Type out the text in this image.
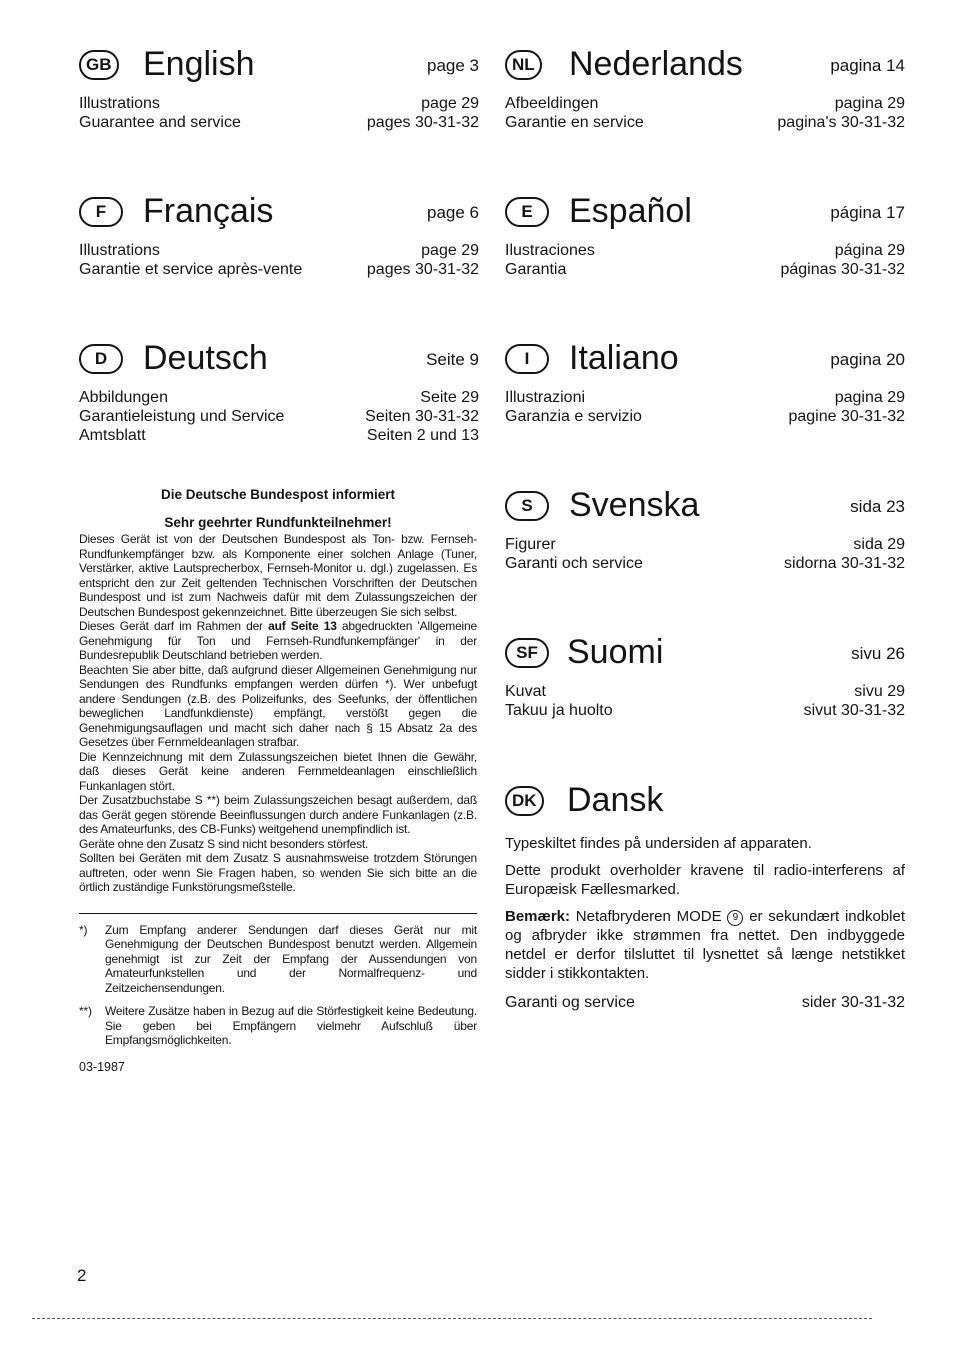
GB English	page 3
Illustrations	page 29
Guarantee and service	pages 30-31-32
F	Français	page 6
Illustrations	page 29
Garantie et service après-vente	pages 30-31-32
D	Deutsch	Seite 9
Abbildungen	Seite 29
Garantieleistung und Service	Seiten 30-31-32
Amtsblatt	Seiten 2 und 13
Die Deutsche Bundespost informiert
Sehr geehrter Rundfunkteilnehmer!

Dieses Gerät ist von der Deutschen Bundespost als Ton- bzw. Fernseh-Rundfunkempfänger bzw. als Komponente einer solchen Anlage (Tuner, Verstärker, aktive Lautsprecherbox, Fernseh-Monitor u. dgl.) zugelassen. Es entspricht den zur Zeit geltenden Technischen Vorschriften der Deutschen Bundespost und ist zum Nachweis dafür mit dem Zulassungszeichen der Deutschen Bundespost gekennzeichnet. Bitte überzeugen Sie sich selbst.

Dieses Gerät darf im Rahmen der auf Seite 13 abgedruckten 'Allgemeine Genehmigung für Ton und Fernseh-Rundfunkempfänger' in der Bundesrepublik Deutschland betrieben werden.

Beachten Sie aber bitte, daß aufgrund dieser Allgemeinen Genehmigung nur Sendungen des Rundfunks empfangen werden dürfen *). Wer unbefugt andere Sendungen (z.B. des Polizeifunks, des Seefunks, der öffentlichen beweglichen Landfunkdienste) empfängt, verstößt gegen die Genehmigungsauflagen und macht sich daher nach § 15 Absatz 2a des Gesetzes über Fernmeldeanlagen strafbar.

Die Kennzeichnung mit dem Zulassungszeichen bietet Ihnen die Gewähr, daß dieses Gerät keine anderen Fernmeldeanlagen einschließlich Funkanlagen stört.

Der Zusatzbuchstabe S **) beim Zulassungszeichen besagt außerdem, daß das Gerät gegen störende Beeinflussungen durch andere Funkanlagen (z.B. des Amateurfunks, des CB-Funks) weitgehend unempfindlich ist.

Geräte ohne den Zusatz S sind nicht besonders störfest.

Sollten bei Geräten mit dem Zusatz S ausnahmsweise trotzdem Störungen auftreten, oder wenn Sie Fragen haben, so wenden Sie sich bitte an die örtlich zuständige Funkstörungsmeßstelle.

*) Zum Empfang anderer Sendungen darf dieses Gerät nur mit Genehmigung der Deutschen Bundespost benutzt werden. Allgemein genehmigt ist zur Zeit der Empfang der Aussendungen von Amateurfunkstellen und der Normalfrequenz- und Zeitzeichensendungen.
**) Weitere Zusätze haben in Bezug auf die Störfestigkeit keine Bedeutung. Sie geben bei Empfängern vielmehr Aufschluß über Empfangsmöglichkeiten.
03-1987
NL Nederlands	pagina 14
Afbeeldingen	pagina 29
Garantie en service	pagina's 30-31-32
E	Español	página 17
Ilustraciones	página 29
Garantia	páginas 30-31-32
I	Italiano	pagina 20
Illustrazioni	pagina 29
Garanzia e servizio	pagine 30-31-32
S	Svenska	sida 23
Figurer	sida 29
Garanti och service	sidorna 30-31-32
SF Suomi	sivu 26
Kuvat	sivu 29
Takuu ja huolto	sivut 30-31-32
DK Dansk

Typeskiltet findes på undersiden af apparaten.

Dette produkt overholder kravene til radio-interferens af Europæisk Fællesmarked.

Bemærk: Netafbryderen MODE 9 er sekundært indkoblet og afbryder ikke strømmen fra nettet. Den indbyggede netdel er derfor tilsluttet til lysnettet så længe netstikket sidder i stikkontakten.

Garanti og service	sider 30-31-32
2
